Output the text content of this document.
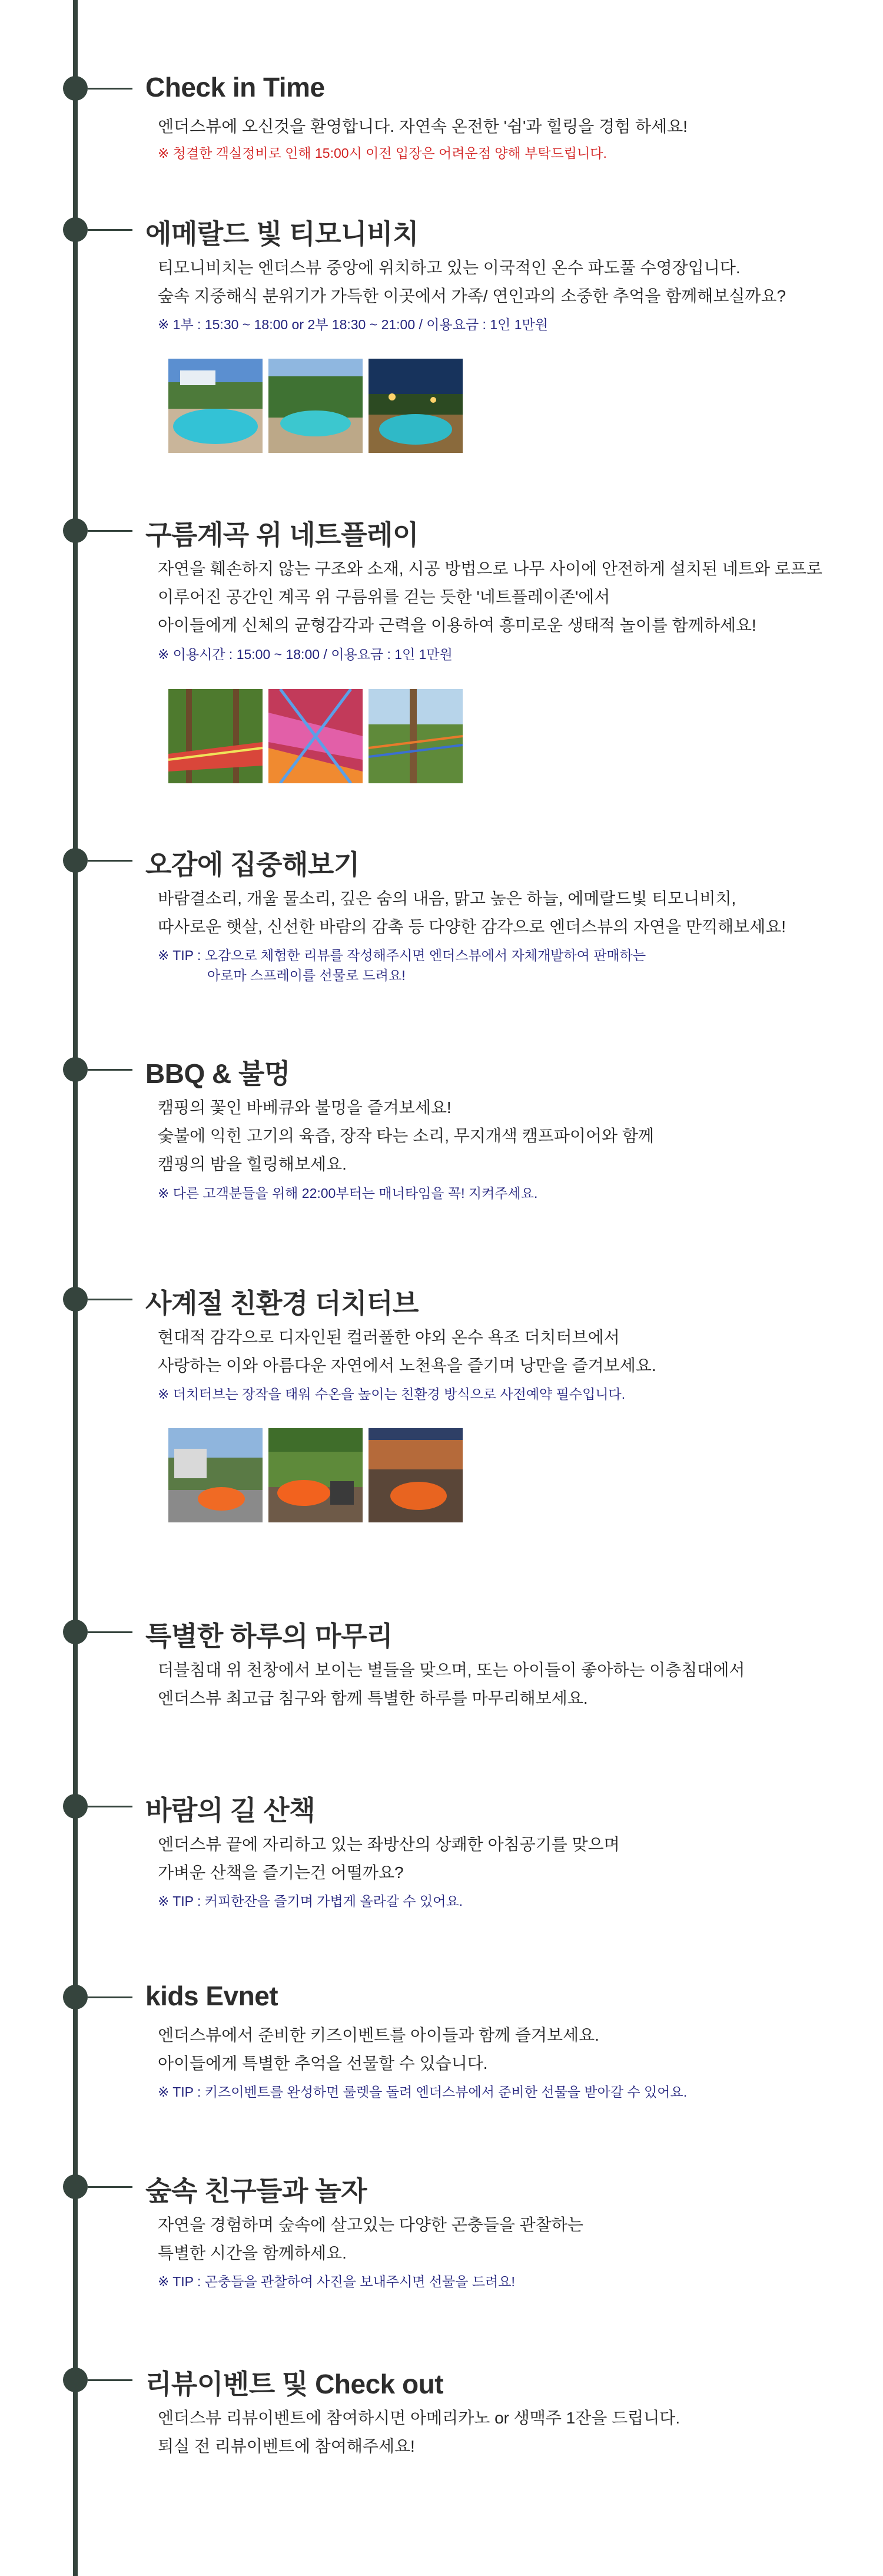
Check in Time
엔더스뷰에 오신것을 환영합니다. 자연속 온전한 '쉼'과 힐링을 경험 하세요!
※ 청결한 객실정비로 인해 15:00시 이전 입장은 어려운점 양해 부탁드립니다.
에메랄드 빛 티모니비치
티모니비치는 엔더스뷰 중앙에 위치하고 있는 이국적인 온수 파도풀 수영장입니다.
숲속 지중해식 분위기가 가득한 이곳에서 가족/ 연인과의 소중한 추억을 함께해보실까요?
※ 1부 : 15:30 ~ 18:00 or 2부 18:30 ~ 21:00 / 이용요금 : 1인 1만원
구름계곡 위 네트플레이
자연을 훼손하지 않는 구조와 소재, 시공 방법으로 나무 사이에 안전하게 설치된 네트와 로프로
이루어진 공간인 계곡 위 구름위를 걷는 듯한 '네트플레이존'에서
아이들에게 신체의 균형감각과 근력을 이용하여 흥미로운 생태적 놀이를 함께하세요!
※ 이용시간 : 15:00 ~ 18:00 / 이용요금 : 1인 1만원
오감에 집중해보기
바람결소리, 개울 물소리, 깊은 숨의 내음, 맑고 높은 하늘, 에메랄드빛 티모니비치,
따사로운 햇살, 신선한 바람의 감촉 등 다양한 감각으로 엔더스뷰의 자연을 만끽해보세요!
※ TIP : 오감으로 체험한 리뷰를 작성해주시면 엔더스뷰에서 자체개발하여 판매하는
아로마 스프레이를 선물로 드려요!
BBQ & 불멍
캠핑의 꽃인 바베큐와 불멍을 즐겨보세요!
숯불에 익힌 고기의 육즙, 장작 타는 소리, 무지개색 캠프파이어와 함께
캠핑의 밤을 힐링해보세요.
※ 다른 고객분들을 위해 22:00부터는 매너타임을 꼭! 지켜주세요.
사계절 친환경 더치터브
현대적 감각으로 디자인된 컬러풀한 야외 온수 욕조 더치터브에서
사랑하는 이와 아름다운 자연에서 노천욕을 즐기며 낭만을 즐겨보세요.
※ 더치터브는 장작을 태워 수온을 높이는 친환경 방식으로 사전예약 필수입니다.
특별한 하루의 마무리
더블침대 위 천창에서 보이는 별들을 맞으며, 또는 아이들이 좋아하는 이층침대에서
엔더스뷰 최고급 침구와 함께 특별한 하루를 마무리해보세요.
바람의 길 산책
엔더스뷰 끝에 자리하고 있는 좌방산의 상쾌한 아침공기를 맞으며
가벼운 산책을 즐기는건 어떨까요?
※ TIP : 커피한잔을 즐기며 가볍게 올라갈 수 있어요.
kids Evnet
엔더스뷰에서 준비한 키즈이벤트를 아이들과 함께 즐겨보세요.
아이들에게 특별한 추억을 선물할 수 있습니다.
※ TIP : 키즈이벤트를 완성하면 룰렛을 돌려 엔더스뷰에서 준비한 선물을 받아갈 수 있어요.
숲속 친구들과 놀자
자연을 경험하며 숲속에 살고있는 다양한 곤충들을 관찰하는
특별한 시간을 함께하세요.
※ TIP : 곤충들을 관찰하여 사진을 보내주시면 선물을 드려요!
리뷰이벤트 및 Check out
엔더스뷰 리뷰이벤트에 참여하시면 아메리카노 or 생맥주 1잔을 드립니다.
퇴실 전 리뷰이벤트에 참여해주세요!
